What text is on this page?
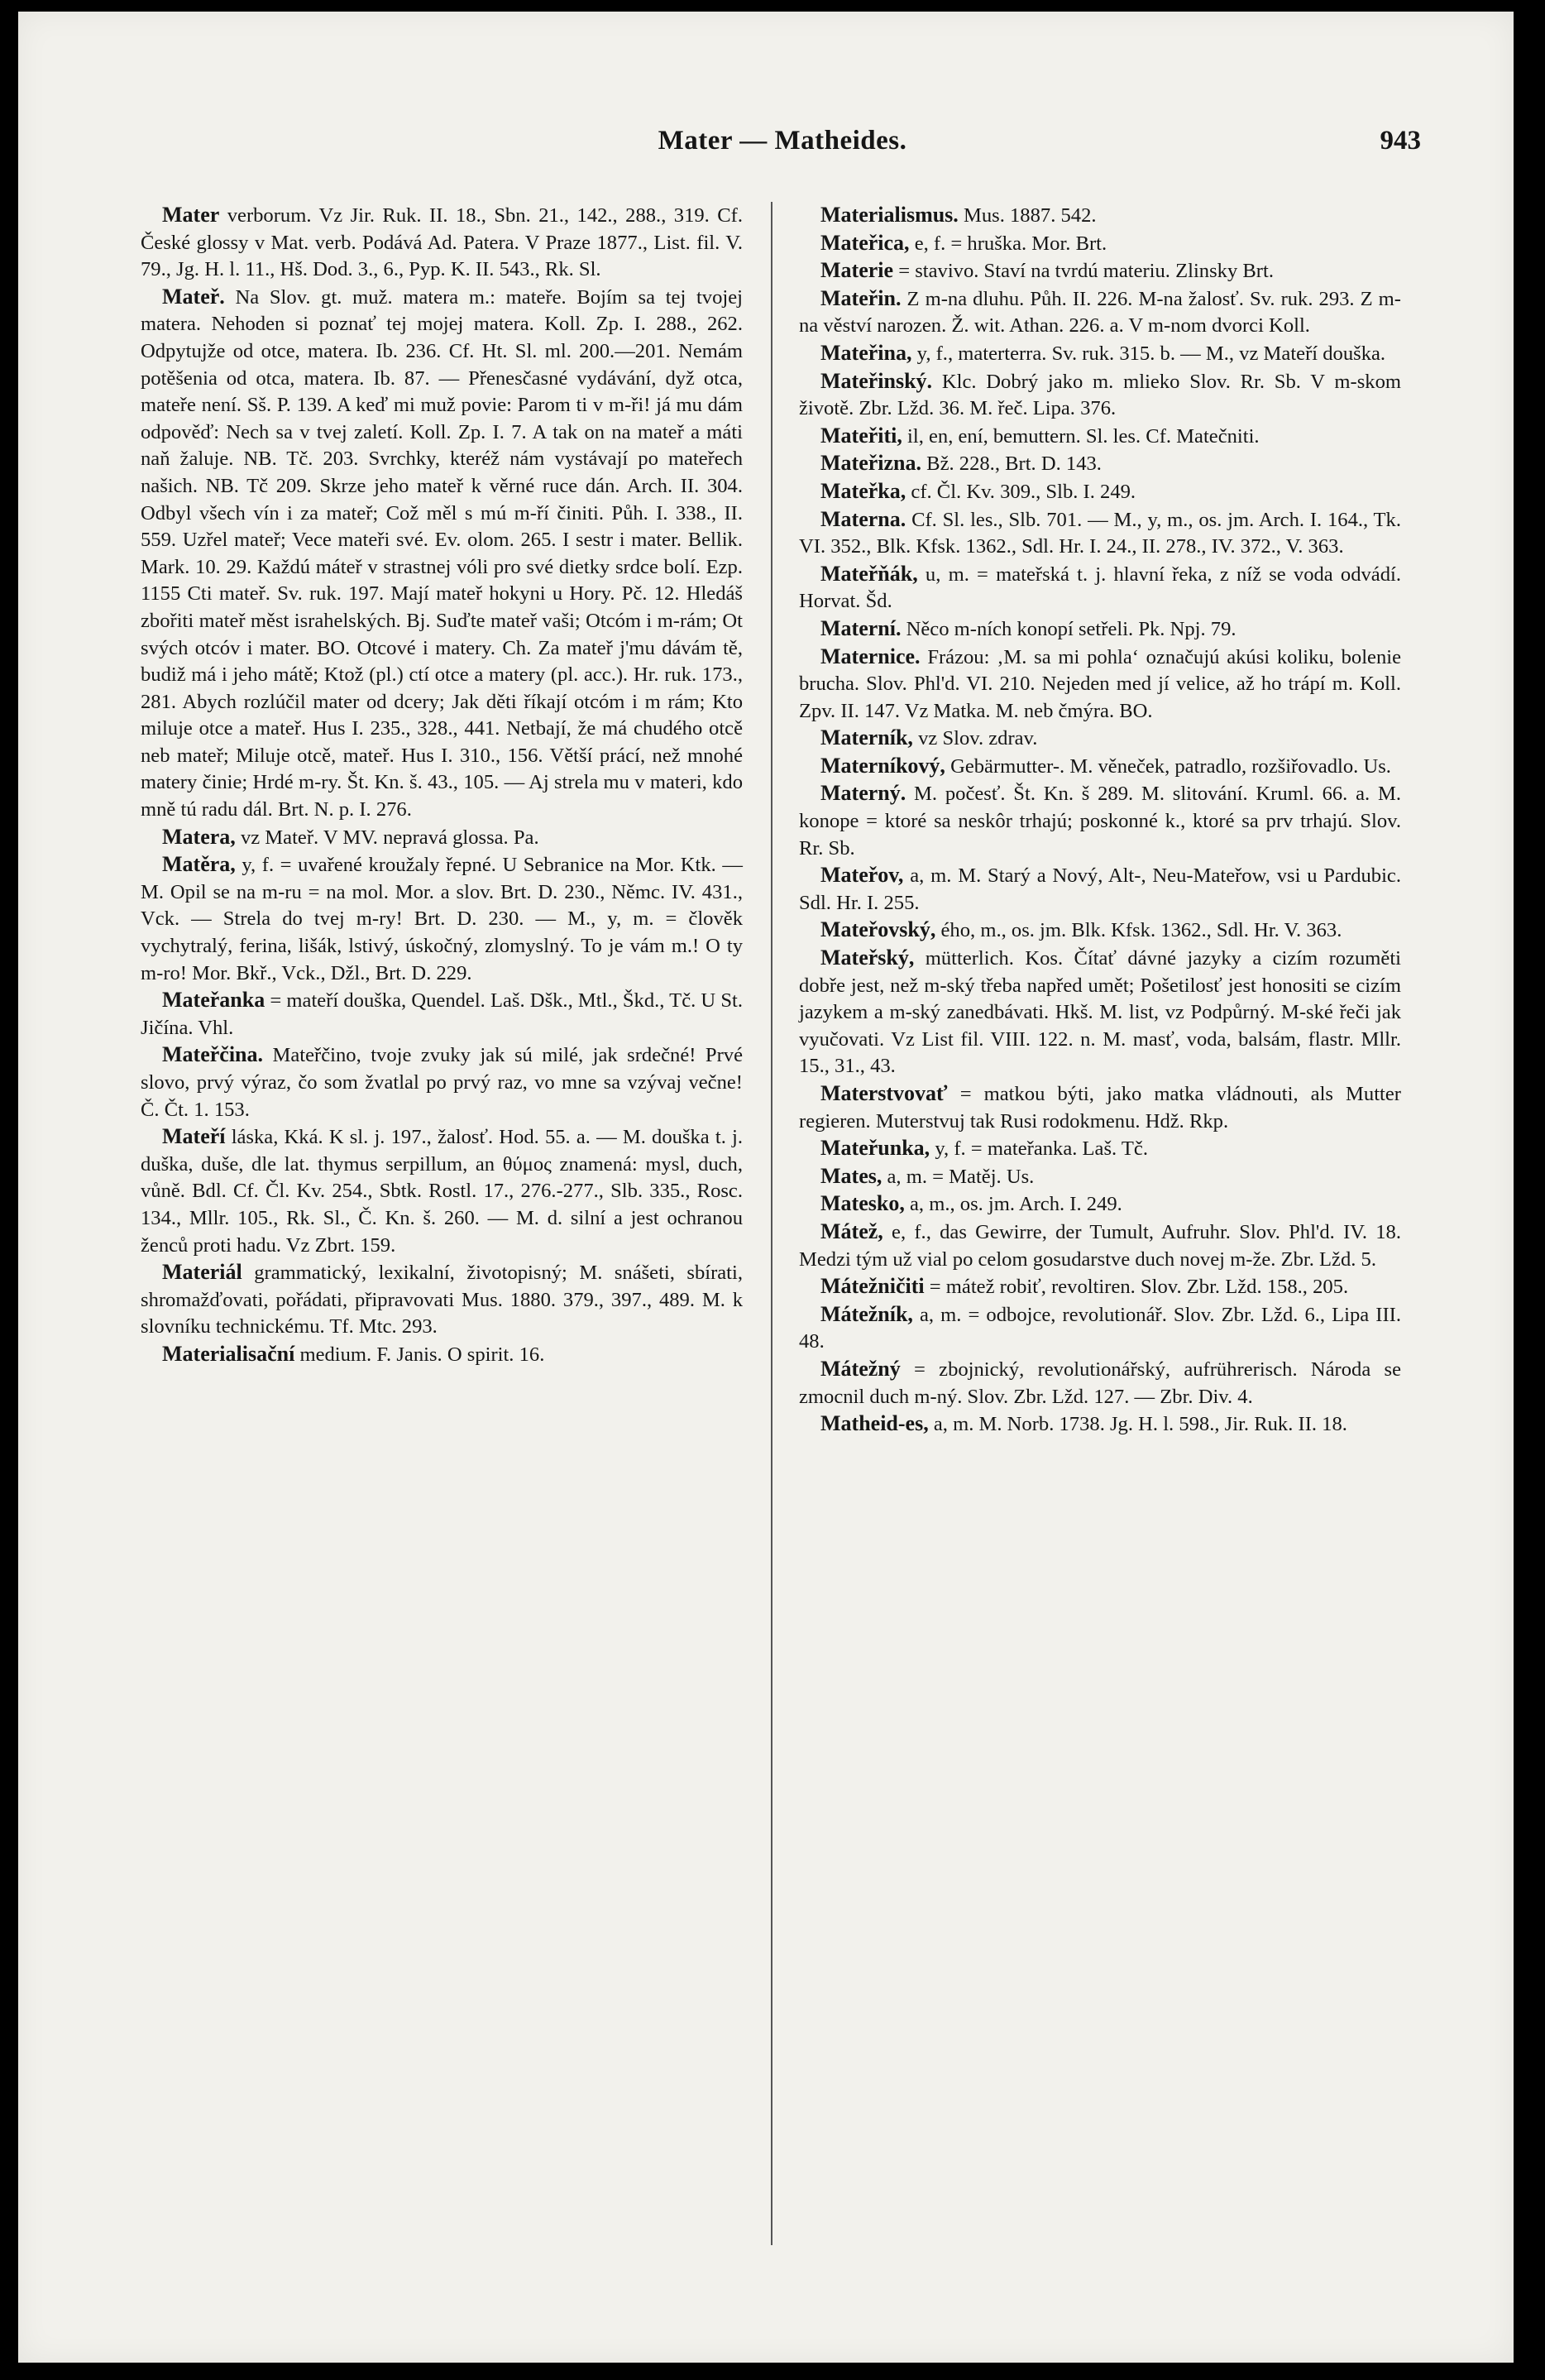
Mater — Matheides.	943

Mater verborum. Vz Jir. Ruk. II. 18., Sbn. 21., 142., 288., 319. Cf. České glossy v Mat. verb. Podává Ad. Patera. V Praze 1877., List. fil. V. 79., Jg. H. l. 11., Hš. Dod. 3., 6., Pyp. K. II. 543., Rk. Sl.

Mateř. Na Slov. gt. muž. matera m.: mateře. Bojím sa tej tvojej matera. Nehoden si poznať tej mojej matera. Koll. Zp. I. 288., 262. Odpytujže od otce, matera. Ib. 236. Cf. Ht. Sl. ml. 200.—201. Nemám potěšenia od otca, matera. Ib. 87. — Přenesčasné vydávání, dyž otca, mateře není. Sš. P. 139. A keď mi muž povie: Parom ti v m-ři! já mu dám odpověď: Nech sa v tvej zaletí. Koll. Zp. I. 7. A tak on na mateř a máti naň žaluje. NB. Tč. 203. Svrchky, kteréž nám vystávají po mateřech našich. NB. Tč 209. Skrze jeho mateř k věrné ruce dán. Arch. II. 304. Odbyl všech vín i za mateř; Což měl s mú m-ří činiti. Půh. I. 338., II. 559. Uzřel mateř; Vece mateři své. Ev. olom. 265. I sestr i mater. Bellik. Mark. 10. 29. Každú máteř v strastnej vóli pro své dietky srdce bolí. Ezp. 1155 Cti mateř. Sv. ruk. 197. Mají mateř hokyni u Hory. Pč. 12. Hledáš zbořiti mateř měst israhelských. Bj. Suďte mateř vaši; Otcóm i m-rám; Ot svých otcóv i mater. BO. Otcové i matery. Ch. Za mateř j'mu dávám tě, budiž má i jeho mátě; Ktož (pl.) ctí otce a matery (pl. acc.). Hr. ruk. 173., 281. Abych rozlúčil mater od dcery; Jak děti říkají otcóm i m rám; Kto miluje otce a mateř. Hus I. 235., 328., 441. Netbají, že má chudého otcě neb mateř; Miluje otcě, mateř. Hus I. 310., 156. Větší prácí, než mnohé matery činie; Hrdé m-ry. Št. Kn. š. 43., 105. — Aj strela mu v materi, kdo mně tú radu dál. Brt. N. p. I. 276.

Matera, vz Mateř. V MV. nepravá glossa. Pa.

Matěra, y, f. = uvařené kroužaly řepné. U Sebranice na Mor. Ktk. — M. Opil se na m-ru = na mol. Mor. a slov. Brt. D. 230., Němc. IV. 431., Vck. — Strela do tvej m-ry! Brt. D. 230. — M., y, m. = člověk vychytralý, ferina, lišák, lstivý, úskočný, zlomyslný. To je vám m.! O ty m-ro! Mor. Bkř., Vck., Džl., Brt. D. 229.

Mateřanka = mateří douška, Quendel. Laš. Dšk., Mtl., Škd., Tč. U St. Jičína. Vhl.

Mateřčina. Mateřčino, tvoje zvuky jak sú milé, jak srdečné! Prvé slovo, prvý výraz, čo som žvatlal po prvý raz, vo mne sa vzývaj večne! Č. Čt. 1. 153.

Mateří láska, Kká. K sl. j. 197., žalosť. Hod. 55. a. — M. douška t. j. duška, duše, dle lat. thymus serpillum, an θύμος znamená: mysl, duch, vůně. Bdl. Cf. Čl. Kv. 254., Sbtk. Rostl. 17., 276.-277., Slb. 335., Rosc. 134., Mllr. 105., Rk. Sl., Č. Kn. š. 260. — M. d. silní a jest ochranou ženců proti hadu. Vz Zbrt. 159.

Materiál grammatický, lexikalní, životopisný; M. snášeti, sbírati, shromažďovati, pořádati, připravovati Mus. 1880. 379., 397., 489. M. k slovníku technickému. Tf. Mtc. 293.

Materialisační medium. F. Janis. O spirit. 16.

Materialismus. Mus. 1887. 542.

Mateřica, e, f. = hruška. Mor. Brt.

Materie = stavivo. Staví na tvrdú materiu. Zlinsky Brt.

Mateřin. Z m-na dluhu. Půh. II. 226. M-na žalosť. Sv. ruk. 293. Z m-na věství narozen. Ž. wit. Athan. 226. a. V m-nom dvorci Koll.

Mateřina, y, f., materterra. Sv. ruk. 315. b. — M., vz Mateří douška.

Mateřinský. Klc. Dobrý jako m. mlieko Slov. Rr. Sb. V m-skom životě. Zbr. Lžd. 36. M. řeč. Lipa. 376.

Mateřiti, il, en, ení, bemuttern. Sl. les. Cf. Matečniti.

Mateřizna. Bž. 228., Brt. D. 143.

Mateřka, cf. Čl. Kv. 309., Slb. I. 249.

Materna. Cf. Sl. les., Slb. 701. — M., y, m., os. jm. Arch. I. 164., Tk. VI. 352., Blk. Kfsk. 1362., Sdl. Hr. I. 24., II. 278., IV. 372., V. 363.

Mateřňák, u, m. = mateřská t. j. hlavní řeka, z níž se voda odvádí. Horvat. Šd.

Materní. Něco m-ních konopí setřeli. Pk. Npj. 79.

Maternice. Frázou: ‚M. sa mi pohla‘ označujú akúsi koliku, bolenie brucha. Slov. Phl'd. VI. 210. Nejeden med jí velice, až ho trápí m. Koll. Zpv. II. 147. Vz Matka. M. neb čmýra. BO.

Materník, vz Slov. zdrav.

Materníkový, Gebärmutter-. M. věneček, patradlo, rozšiřovadlo. Us.

Materný. M. počesť. Št. Kn. š 289. M. slitování. Kruml. 66. a. M. konope = ktoré sa neskôr trhajú; poskonné k., ktoré sa prv trhajú. Slov. Rr. Sb.

Mateřov, a, m. M. Starý a Nový, Alt-, Neu-Mateřow, vsi u Pardubic. Sdl. Hr. I. 255.

Mateřovský, ého, m., os. jm. Blk. Kfsk. 1362., Sdl. Hr. V. 363.

Mateřský, mütterlich. Kos. Čítať dávné jazyky a cizím rozuměti dobře jest, než m-ský třeba napřed umět; Pošetilosť jest honositi se cizím jazykem a m-ský zanedbávati. Hkš. M. list, vz Podpůrný. M-ské řeči jak vyučovati. Vz List fil. VIII. 122. n. M. masť, voda, balsám, flastr. Mllr. 15., 31., 43.

Materstvovať = matkou býti, jako matka vládnouti, als Mutter regieren. Muterstvuj tak Rusi rodokmenu. Hdž. Rkp.

Mateřunka, y, f. = mateřanka. Laš. Tč.

Mates, a, m. = Matěj. Us.

Matesko, a, m., os. jm. Arch. I. 249.

Mátež, e, f., das Gewirre, der Tumult, Aufruhr. Slov. Phl'd. IV. 18. Medzi tým už vial po celom gosudarstve duch novej m-že. Zbr. Lžd. 5.

Mátežničiti = mátež robiť, revoltiren. Slov. Zbr. Lžd. 158., 205.

Mátežník, a, m. = odbojce, revolutionář. Slov. Zbr. Lžd. 6., Lipa III. 48.

Mátežný = zbojnický, revolutionářský, aufrührerisch. Národa se zmocnil duch m-ný. Slov. Zbr. Lžd. 127. — Zbr. Div. 4.

Matheid-es, a, m. M. Norb. 1738. Jg. H. l. 598., Jir. Ruk. II. 18.
